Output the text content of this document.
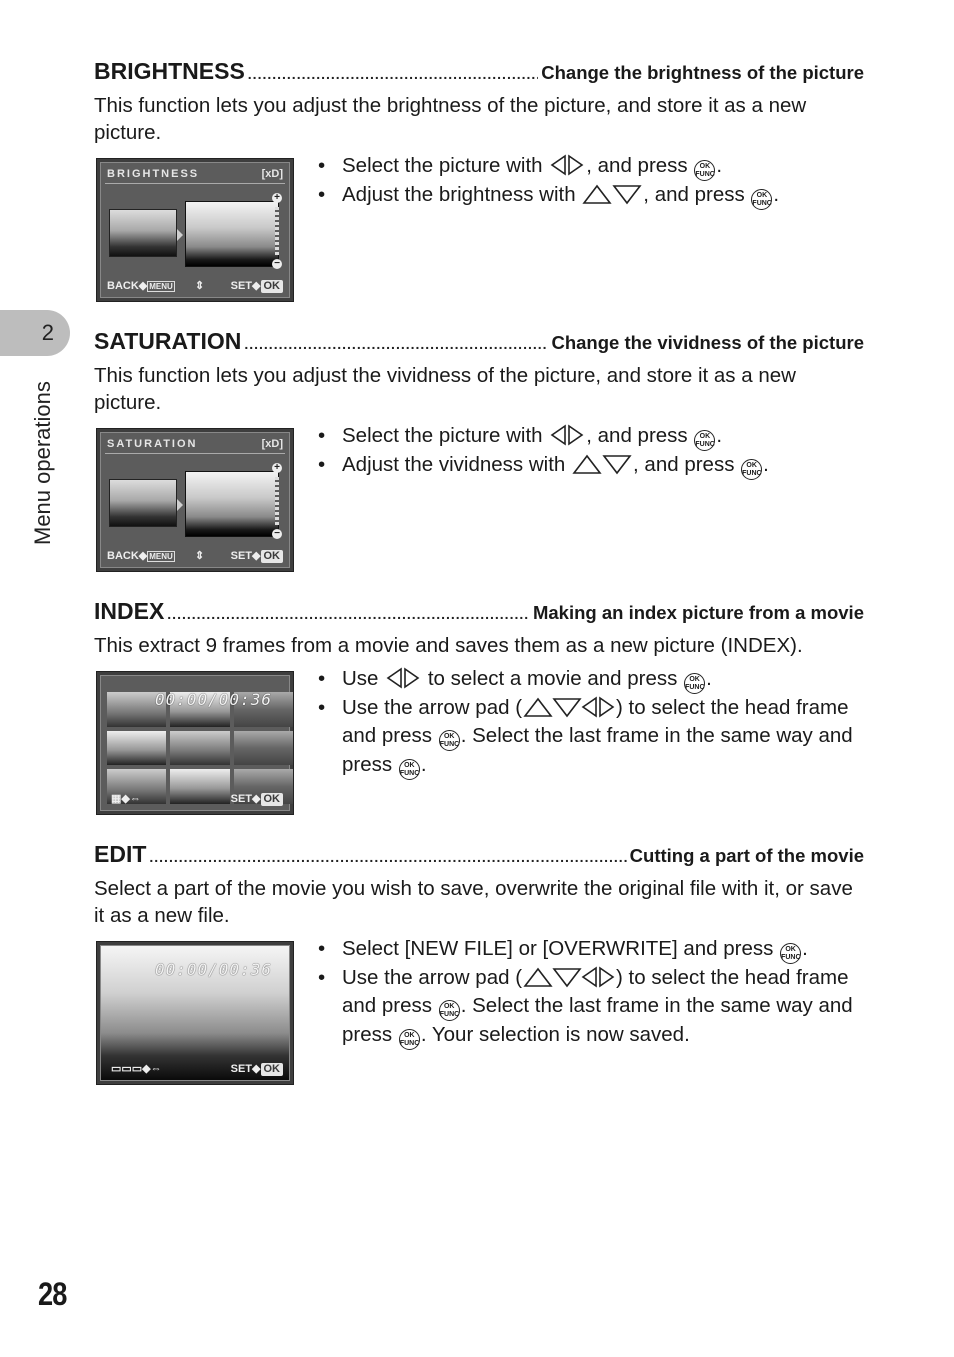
2
Menu operations
BRIGHTNESS .....	Change the brightness of the picture

This function lets you adjust the brightness of the picture, and store it as a new picture.

BRIGHTNESS	[xD]
+
−
BACK◆ MENU ⇕ SET◆ OK
• Select the picture with , and press OK
FUNC.
• Adjust the brightness with	, and press OK
FUNC.
SATURATION .....	Change the vividness of the picture

This function lets you adjust the vividness of the picture, and store it as a new picture.

SATURATION	[xD]
+
−
BACK◆ MENU ⇕ SET◆ OK
• Select the picture with , and press OK
FUNC.
• Adjust the vividness with	, and press OK
FUNC.
INDEX .....	Making an index picture from a movie

This extract 9 frames from a movie and saves them as a new picture (INDEX).

00:00/00:36
▦◆⇔	SET◆ OK
• Use  to select a movie and press OK
FUNC.
• Use the arrow pad (	) to select the head frame and press OK
FUNC. Select the last frame in the same way and press OK
FUNC.
EDIT .....	Cutting a part of the movie

Select a part of the movie you wish to save, overwrite the original file with it, or save it as a new file.

00:00/00:36
▭▭▭◆⇔	SET◆ OK
• Select [NEW FILE] or [OVERWRITE] and press OK
FUNC.
• Use the arrow pad (	) to select the head frame and press OK
FUNC. Select the last frame in the same way and press OK
FUNC. Your selection is now saved.
28
